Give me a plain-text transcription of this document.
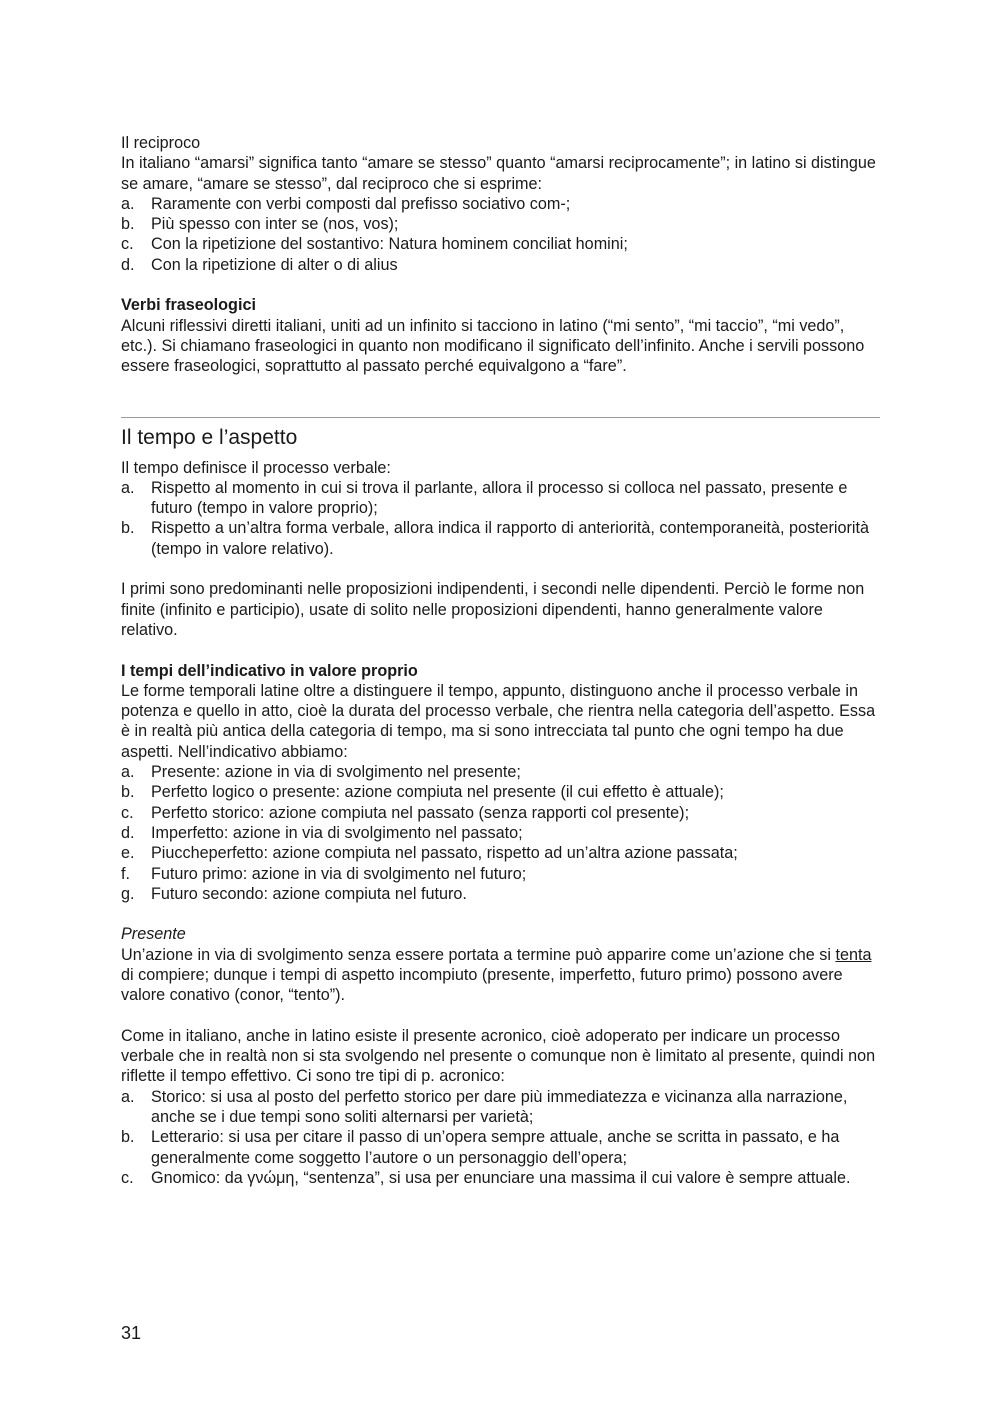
Il reciproco

In italiano “amarsi” significa tanto “amare se stesso” quanto “amarsi reciprocamente”; in latino si distingue se amare, “amare se stesso”, dal reciproco che si esprime:

a. Raramente con verbi composti dal prefisso sociativo com-;
b. Più spesso con inter se (nos, vos);
c. Con la ripetizione del sostantivo: Natura hominem conciliat homini;
d. Con la ripetizione di alter o di alius

Verbi fraseologici

Alcuni riflessivi diretti italiani, uniti ad un infinito si tacciono in latino (“mi sento”, “mi taccio”, “mi vedo”, etc.). Si chiamano fraseologici in quanto non modificano il significato dell’infinito. Anche i servili possono essere fraseologici, soprattutto al passato perché equivalgono a “fare”.

Il tempo e l’aspetto

Il tempo definisce il processo verbale:

a. Rispetto al momento in cui si trova il parlante, allora il processo si colloca nel passato, presente e futuro (tempo in valore proprio);
b. Rispetto a un’altra forma verbale, allora indica il rapporto di anteriorità, contemporaneità, posteriorità (tempo in valore relativo).

I primi sono predominanti nelle proposizioni indipendenti, i secondi nelle dipendenti. Perciò le forme non finite (infinito e participio), usate di solito nelle proposizioni dipendenti, hanno generalmente valore relativo.

I tempi dell’indicativo in valore proprio

Le forme temporali latine oltre a distinguere il tempo, appunto, distinguono anche il processo verbale in potenza e quello in atto, cioè la durata del processo verbale, che rientra nella categoria dell’aspetto. Essa è in realtà più antica della categoria di tempo, ma si sono intrecciata tal punto che ogni tempo ha due aspetti. Nell’indicativo abbiamo:

a. Presente: azione in via di svolgimento nel presente;
b. Perfetto logico o presente: azione compiuta nel presente (il cui effetto è attuale);
c. Perfetto storico: azione compiuta nel passato (senza rapporti col presente);
d. Imperfetto: azione in via di svolgimento nel passato;
e. Piuccheperfetto: azione compiuta nel passato, rispetto ad un’altra azione passata;
f. Futuro primo: azione in via di svolgimento nel futuro;
g. Futuro secondo: azione compiuta nel futuro.

Presente

Un’azione in via di svolgimento senza essere portata a termine può apparire come un’azione che si tenta di compiere; dunque i tempi di aspetto incompiuto (presente, imperfetto, futuro primo) possono avere valore conativo (conor, “tento”).

Come in italiano, anche in latino esiste il presente acronico, cioè adoperato per indicare un processo verbale che in realtà non si sta svolgendo nel presente o comunque non è limitato al presente, quindi non riflette il tempo effettivo. Ci sono tre tipi di p. acronico:

a. Storico: si usa al posto del perfetto storico per dare più immediatezza e vicinanza alla narrazione, anche se i due tempi sono soliti alternarsi per varietà;
b. Letterario: si usa per citare il passo di un’opera sempre attuale, anche se scritta in passato, e ha generalmente come soggetto l’autore o un personaggio dell’opera;
c. Gnomico: da γνώμη, “sentenza”, si usa per enunciare una massima il cui valore è sempre attuale.
31
